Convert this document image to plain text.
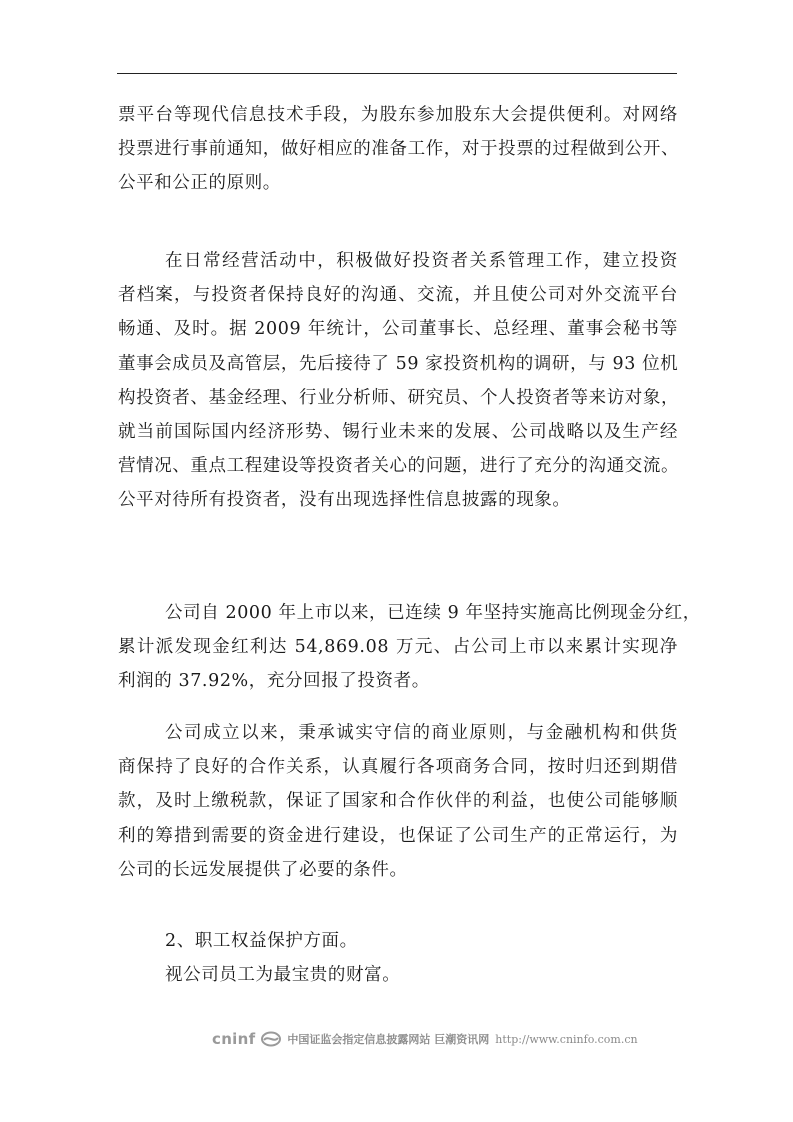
票平台等现代信息技术手段，为股东参加股东大会提供便利。对网络
投票进行事前通知，做好相应的准备工作，对于投票的过程做到公开、
公平和公正的原则。

在日常经营活动中，积极做好投资者关系管理工作，建立投资
者档案，与投资者保持良好的沟通、交流，并且使公司对外交流平台
畅通、及时。据 2009 年统计，公司董事长、总经理、董事会秘书等
董事会成员及高管层，先后接待了 59 家投资机构的调研，与 93 位机
构投资者、基金经理、行业分析师、研究员、个人投资者等来访对象，
就当前国际国内经济形势、锡行业未来的发展、公司战略以及生产经
营情况、重点工程建设等投资者关心的问题，进行了充分的沟通交流。
公平对待所有投资者，没有出现选择性信息披露的现象。

公司自 2000 年上市以来，已连续 9 年坚持实施高比例现金分红，
累计派发现金红利达 54,869.08 万元、占公司上市以来累计实现净
利润的 37.92%，充分回报了投资者。

公司成立以来，秉承诚实守信的商业原则，与金融机构和供货
商保持了良好的合作关系，认真履行各项商务合同，按时归还到期借
款，及时上缴税款，保证了国家和合作伙伴的利益，也使公司能够顺
利的筹措到需要的资金进行建设，也保证了公司生产的正常运行，为
公司的长远发展提供了必要的条件。

2、职工权益保护方面。

视公司员工为最宝贵的财富。

cninf	中国证监会指定信息披露网站 巨潮资讯网 http://www.cninfo.com.cn
